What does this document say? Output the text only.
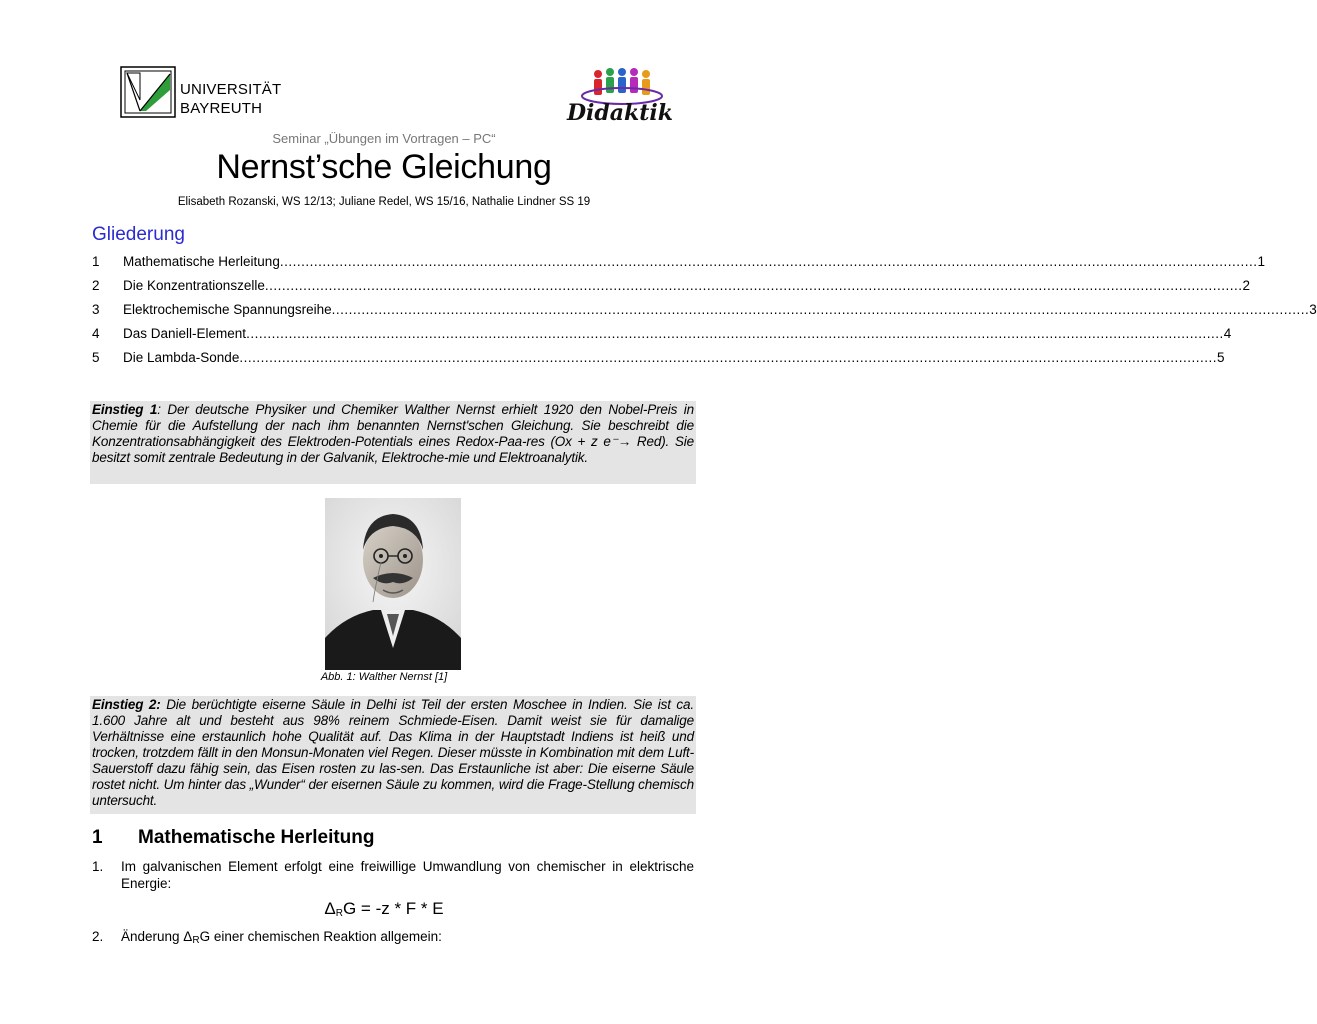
UNIVERSITÄT
BAYREUTH	Didaktik
Seminar „Übungen im Vortragen – PC“
Nernst’sche Gleichung
Elisabeth Rozanski, WS 12/13; Juliane Redel, WS 15/16, Nathalie Lindner SS 19
Gliederung
1	Mathematische Herleitung .....	1
2	Die Konzentrationszelle .....	2
3	Elektrochemische Spannungsreihe .....	3
4	Das Daniell-Element .....	4
5	Die Lambda-Sonde .....	5
Einstieg 1: Der deutsche Physiker und Chemiker Walther Nernst erhielt 1920 den Nobel-Preis in Chemie für die Aufstellung der nach ihm benannten Nernst'schen Gleichung. Sie beschreibt die Konzentrationsabhängigkeit des Elektroden-Potentials eines Redox-Paa-res (Ox + z e⁻→ Red). Sie besitzt somit zentrale Bedeutung in der Galvanik, Elektroche-mie und Elektroanalytik.
Abb. 1: Walther Nernst [1]
Einstieg 2: Die berüchtigte eiserne Säule in Delhi ist Teil der ersten Moschee in Indien. Sie ist ca. 1.600 Jahre alt und besteht aus 98% reinem Schmiede-Eisen. Damit weist sie für damalige Verhältnisse eine erstaunlich hohe Qualität auf. Das Klima in der Hauptstadt Indiens ist heiß und trocken, trotzdem fällt in den Monsun-Monaten viel Regen. Dieser müsste in Kombination mit dem Luft-Sauerstoff dazu fähig sein, das Eisen rosten zu las-sen. Das Erstaunliche ist aber: Die eiserne Säule rostet nicht. Um hinter das „Wunder“ der eisernen Säule zu kommen, wird die Frage-Stellung chemisch untersucht.
1 Mathematische Herleitung
1. Im galvanischen Element erfolgt eine freiwillige Umwandlung von chemischer in elektrische Energie:
$\Delta_RG = -z * F * E$
2. Änderung $\Delta_RG$ einer chemischen Reaktion allgemein:
